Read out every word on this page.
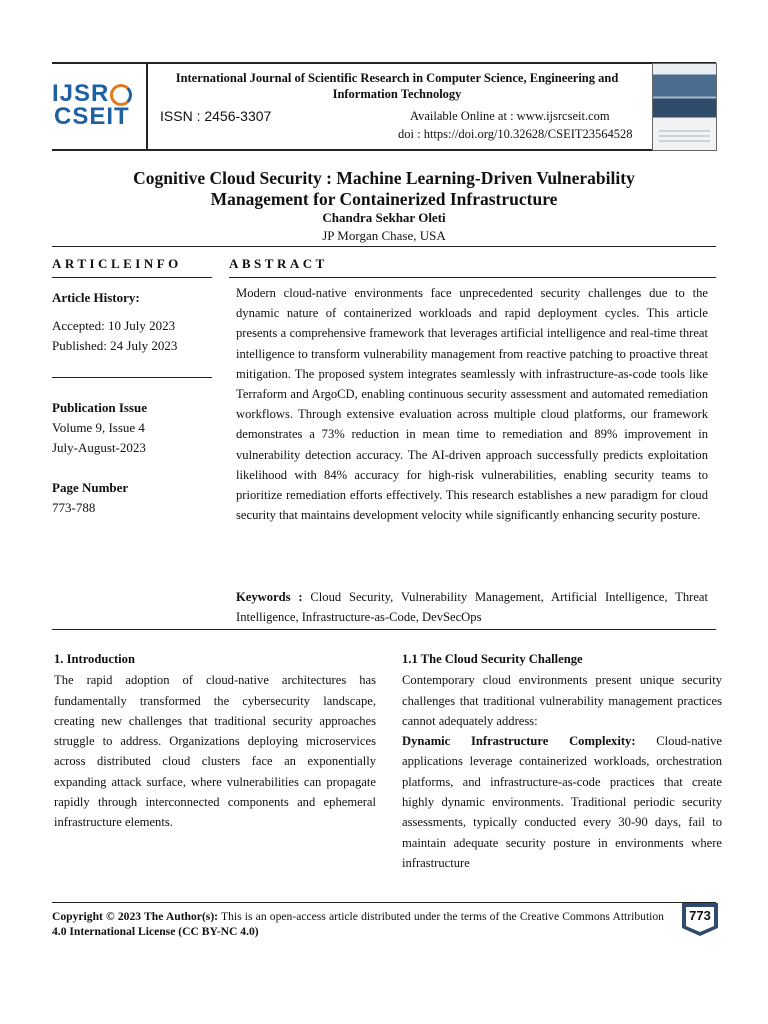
IJSR
CSEIT
International Journal of Scientific Research in Computer Science, Engineering and Information Technology
ISSN : 2456-3307	Available Online at : www.ijsrcseit.com
doi : https://doi.org/10.32628/CSEIT23564528
Cognitive Cloud Security : Machine Learning-Driven Vulnerability
Management for Containerized Infrastructure
Chandra Sekhar Oleti
JP Morgan Chase, USA
ARTICLEINFO	ABSTRACT
Article History:
Accepted: 10 July 2023
Published: 24 July 2023
Publication Issue
Volume 9, Issue 4
July-August-2023
Page Number
773-788
Modern cloud-native environments face unprecedented security challenges due to the dynamic nature of containerized workloads and rapid deployment cycles. This article presents a comprehensive framework that leverages artificial intelligence and real-time threat intelligence to transform vulnerability management from reactive patching to proactive threat mitigation. The proposed system integrates seamlessly with infrastructure-as-code tools like Terraform and ArgoCD, enabling continuous security assessment and automated remediation workflows. Through extensive evaluation across multiple cloud platforms, our framework demonstrates a 73% reduction in mean time to remediation and 89% improvement in vulnerability detection accuracy. The AI-driven approach successfully predicts exploitation likelihood with 84% accuracy for high-risk vulnerabilities, enabling security teams to prioritize remediation efforts effectively. This research establishes a new paradigm for cloud security that maintains development velocity while significantly enhancing security posture.
Keywords : Cloud Security, Vulnerability Management, Artificial Intelligence, Threat Intelligence, Infrastructure-as-Code, DevSecOps
1. Introduction

The rapid adoption of cloud-native architectures has fundamentally transformed the cybersecurity landscape, creating new challenges that traditional security approaches struggle to address. Organizations deploying microservices across distributed cloud clusters face an exponentially expanding attack surface, where vulnerabilities can propagate rapidly through interconnected components and ephemeral infrastructure elements.

1.1 The Cloud Security Challenge

Contemporary cloud environments present unique security challenges that traditional vulnerability management practices cannot adequately address:

Dynamic Infrastructure Complexity: Cloud-native applications leverage containerized workloads, orchestration platforms, and infrastructure-as-code practices that create highly dynamic environments. Traditional periodic security assessments, typically conducted every 30-90 days, fail to maintain adequate security posture in environments where infrastructure

Copyright © 2023 The Author(s): This is an open-access article distributed under the terms of the Creative Commons Attribution 4.0 International License (CC BY-NC 4.0)
773
